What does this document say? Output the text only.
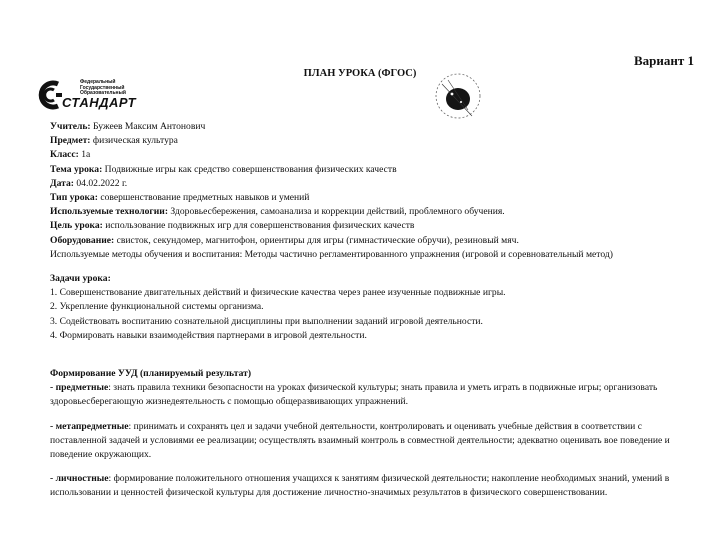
Вариант 1
ПЛАН УРОКА (ФГОС)
Федеральный
Государственный
Образовательный
СТАНДАРТ

Учитель: Бужеев Максим Антонович

Предмет: физическая культура

Класс: 1а

Тема урока: Подвижные игры как средство совершенствования физических качеств

Дата: 04.02.2022 г.

Тип урока: совершенствование предметных навыков и умений

Используемые технологии: Здоровьесбережения, самоанализа и коррекции действий, проблемного обучения.

Цель урока: использование подвижных игр для совершенствования физических качеств

Оборудование: свисток, секундомер, магнитофон, ориентиры для игры (гимнастические обручи), резиновый мяч.

Используемые методы обучения и воспитания: Методы частично регламентированного упражнения (игровой и соревновательный метод)

Задачи урока:

1. Совершенствование двигательных действий и физические качества через ранее изученные подвижные игры.

2. Укрепление функциональной системы организма.

3. Содействовать воспитанию сознательной дисциплины при выполнении заданий игровой деятельности.

4. Формировать навыки взаимодействия партнерами в игровой деятельности.

Формирование УУД (планируемый результат)

- предметные: знать правила техники безопасности на уроках физической культуры; знать правила и уметь играть в подвижные игры; организовать здоровьесберегающую жизнедеятельность с помощью общеразвивающих упражнений.

- метапредметные: принимать и сохранять цел и задачи учебной деятельности, контролировать и оценивать учебные действия в соответствии с поставленной задачей и условиями ее реализации; осуществлять взаимный контроль в совместной деятельности; адекватно оценивать вое поведение и поведение окружающих.

- личностные: формирование положительного отношения учащихся к занятиям физической деятельности; накопление необходимых знаний, умений в использовании и ценностей физической культуры для достижение личностно-значимых результатов в физического совершенствовании.
